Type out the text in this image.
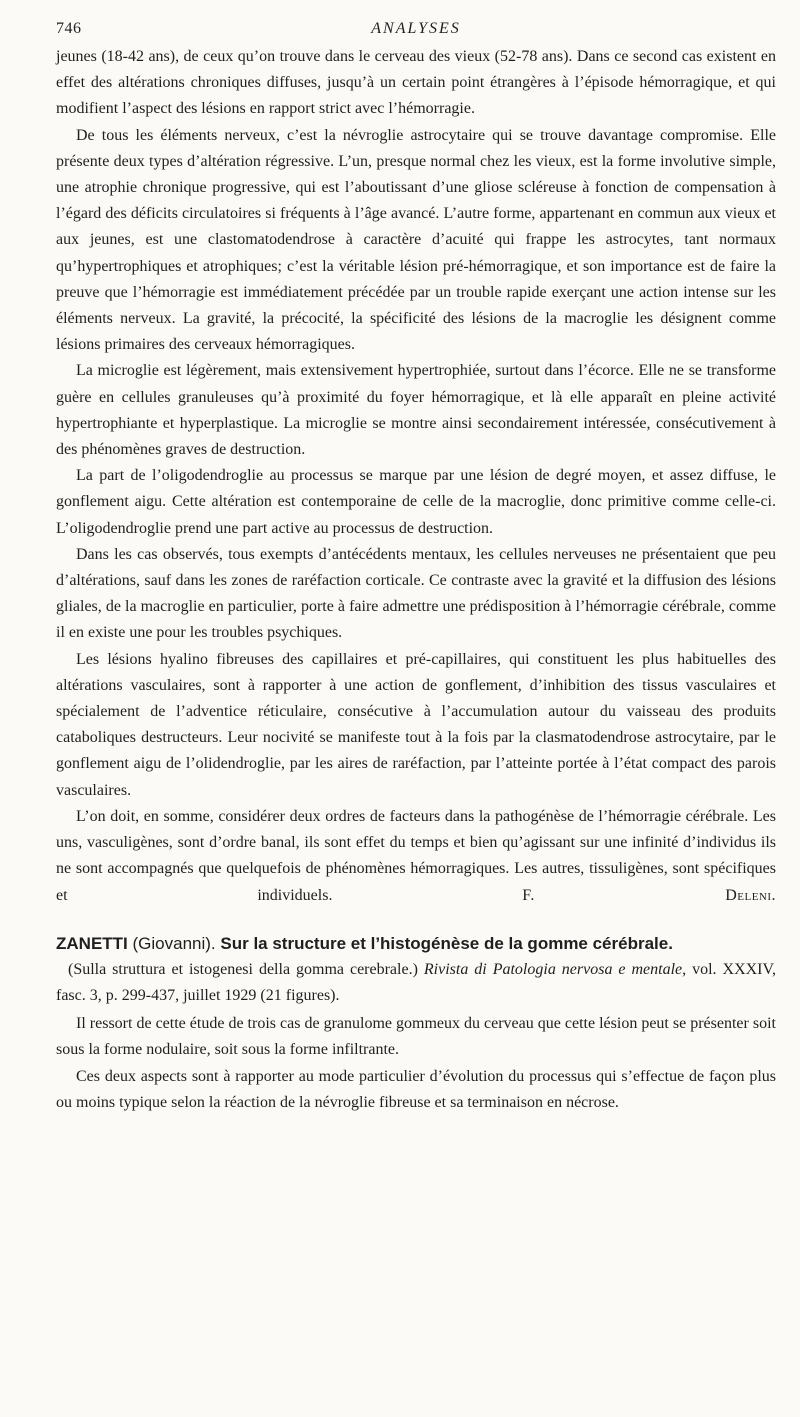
746	ANALYSES

jeunes (18-42 ans), de ceux qu’on trouve dans le cerveau des vieux (52-78 ans). Dans ce second cas existent en effet des altérations chroniques diffuses, jusqu’à un certain point étrangères à l’épisode hémorragique, et qui modifient l’aspect des lésions en rapport strict avec l’hémorragie.

De tous les éléments nerveux, c’est la névroglie astrocytaire qui se trouve davantage compromise. Elle présente deux types d’altération régressive. L’un, presque normal chez les vieux, est la forme involutive simple, une atrophie chronique progressive, qui est l’aboutissant d’une gliose scléreuse à fonction de compensation à l’égard des déficits circulatoires si fréquents à l’âge avancé. L’autre forme, appartenant en commun aux vieux et aux jeunes, est une clastomatodendrose à caractère d’acuité qui frappe les astrocytes, tant normaux qu’hypertrophiques et atrophiques; c’est la véritable lésion pré-hémorragique, et son importance est de faire la preuve que l’hémorragie est immédiatement précédée par un trouble rapide exerçant une action intense sur les éléments nerveux. La gravité, la précocité, la spécificité des lésions de la macroglie les désignent comme lésions primaires des cerveaux hémorragiques.

La microglie est légèrement, mais extensivement hypertrophiée, surtout dans l’écorce. Elle ne se transforme guère en cellules granuleuses qu’à proximité du foyer hémorragique, et là elle apparaît en pleine activité hypertrophiante et hyperplastique. La microglie se montre ainsi secondairement intéressée, consécutivement à des phénomènes graves de destruction.

La part de l’oligodendroglie au processus se marque par une lésion de degré moyen, et assez diffuse, le gonflement aigu. Cette altération est contemporaine de celle de la macroglie, donc primitive comme celle-ci. L’oligodendroglie prend une part active au processus de destruction.

Dans les cas observés, tous exempts d’antécédents mentaux, les cellules nerveuses ne présentaient que peu d’altérations, sauf dans les zones de raréfaction corticale. Ce contraste avec la gravité et la diffusion des lésions gliales, de la macroglie en particulier, porte à faire admettre une prédisposition à l’hémorragie cérébrale, comme il en existe une pour les troubles psychiques.

Les lésions hyalino fibreuses des capillaires et pré-capillaires, qui constituent les plus habituelles des altérations vasculaires, sont à rapporter à une action de gonflement, d’inhibition des tissus vasculaires et spécialement de l’adventice réticulaire, consécutive à l’accumulation autour du vaisseau des produits cataboliques destructeurs. Leur nocivité se manifeste tout à la fois par la clasmatodendrose astrocytaire, par le gonflement aigu de l’olidendroglie, par les aires de raréfaction, par l’atteinte portée à l’état compact des parois vasculaires.

L’on doit, en somme, considérer deux ordres de facteurs dans la pathogénèse de l’hémorragie cérébrale. Les uns, vasculigènes, sont d’ordre banal, ils sont effet du temps et bien qu’agissant sur une infinité d’individus ils ne sont accompagnés que quelquefois de phénomènes hémorragiques. Les autres, tissuligènes, sont spécifiques et individuels.	F. Deleni.

ZANETTI (Giovanni). Sur la structure et l’histogénèse de la gomme cérébrale.

(Sulla struttura et istogenesi della gomma cerebrale.) Rivista di Patologia nervosa e mentale, vol. XXXIV, fasc. 3, p. 299-437, juillet 1929 (21 figures).

Il ressort de cette étude de trois cas de granulome gommeux du cerveau que cette lésion peut se présenter soit sous la forme nodulaire, soit sous la forme infiltrante.

Ces deux aspects sont à rapporter au mode particulier d’évolution du processus qui s’effectue de façon plus ou moins typique selon la réaction de la névroglie fibreuse et sa terminaison en nécrose.
